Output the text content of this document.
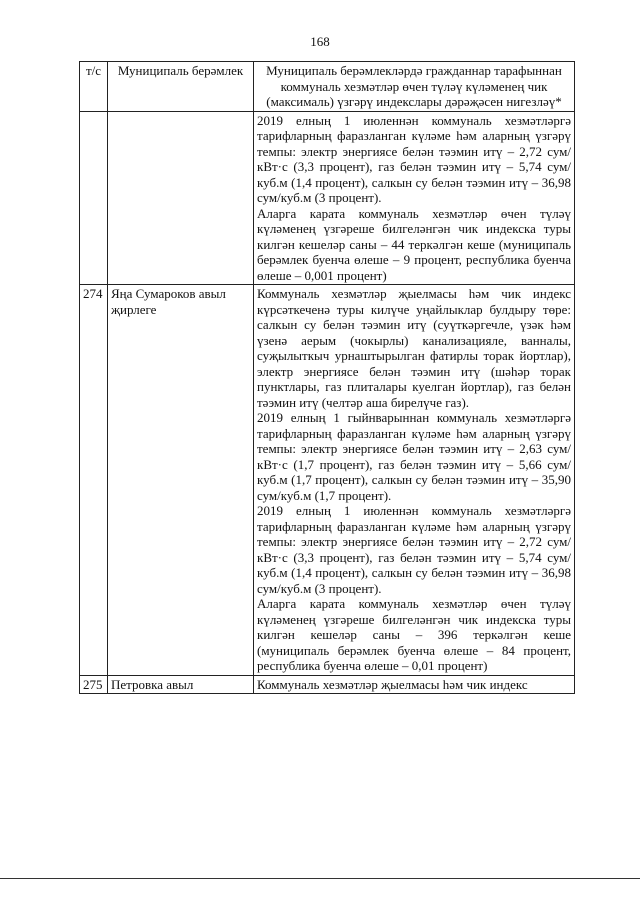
168
т/с	Муниципаль берәмлек	Муниципаль берәмлекләрдә гражданнар тарафыннан коммуналь хезмәтләр өчен түләү күләменең чик (максималь) үзгәрү индекслары дәрәҗәсен нигезләү*

		2019 елның 1 июленнән коммуналь хезмәтләргә тарифларның фаразланган күләме һәм аларның үзгәрү темпы: электр энергиясе белән тәэмин итү – 2,72 сум/кВт·с (3,3 процент), газ белән тәэмин итү – 5,74 сум/куб.м (1,4 процент), салкын су белән тәэмин итү – 36,98 сум/куб.м (3 процент).

Аларга карата коммуналь хезмәтләр өчен түләү күләменең үзгәреше билгеләнгән чик индекска туры килгән кешеләр саны – 44 теркәлгән кеше (муниципаль берәмлек буенча өлеше – 9 процент, республика буенча өлеше – 0,001 процент)

274	Яңа Сумароков авыл җирлеге	Коммуналь хезмәтләр җыелмасы һәм чик индекс күрсәткеченә туры килүче уңайлыклар булдыру төре: салкын су белән тәэмин итү (суүткәргечле, үзәк һәм үзенә аерым (чокырлы) канализацияле, ванналы, суҗылыткыч урнаштырылган фатирлы торак йортлар), электр энергиясе белән тәэмин итү (шәһәр торак пунктлары, газ плиталары куелган йортлар), газ белән тәэмин итү (челтәр аша бирелүче газ).

2019 елның 1 гыйнварыннан коммуналь хезмәтләргә тарифларның фаразланган күләме һәм аларның үзгәрү темпы: электр энергиясе белән тәэмин итү – 2,63 сум/кВт·с (1,7 процент), газ белән тәэмин итү – 5,66 сум/куб.м (1,7 процент), салкын су белән тәэмин итү – 35,90 сум/куб.м (1,7 процент).

2019 елның 1 июленнән коммуналь хезмәтләргә тарифларның фаразланган күләме һәм аларның үзгәрү темпы: электр энергиясе белән тәэмин итү – 2,72 сум/кВт·с (3,3 процент), газ белән тәэмин итү – 5,74 сум/куб.м (1,4 процент), салкын су белән тәэмин итү – 36,98 сум/куб.м (3 процент).

Аларга карата коммуналь хезмәтләр өчен түләү күләменең үзгәреше билгеләнгән чик индекска туры килгән кешеләр саны – 396 теркәлгән кеше (муниципаль берәмлек буенча өлеше – 84 процент, республика буенча өлеше – 0,01 процент)

275	Петровка авыл	Коммуналь хезмәтләр җыелмасы һәм чик индекс
